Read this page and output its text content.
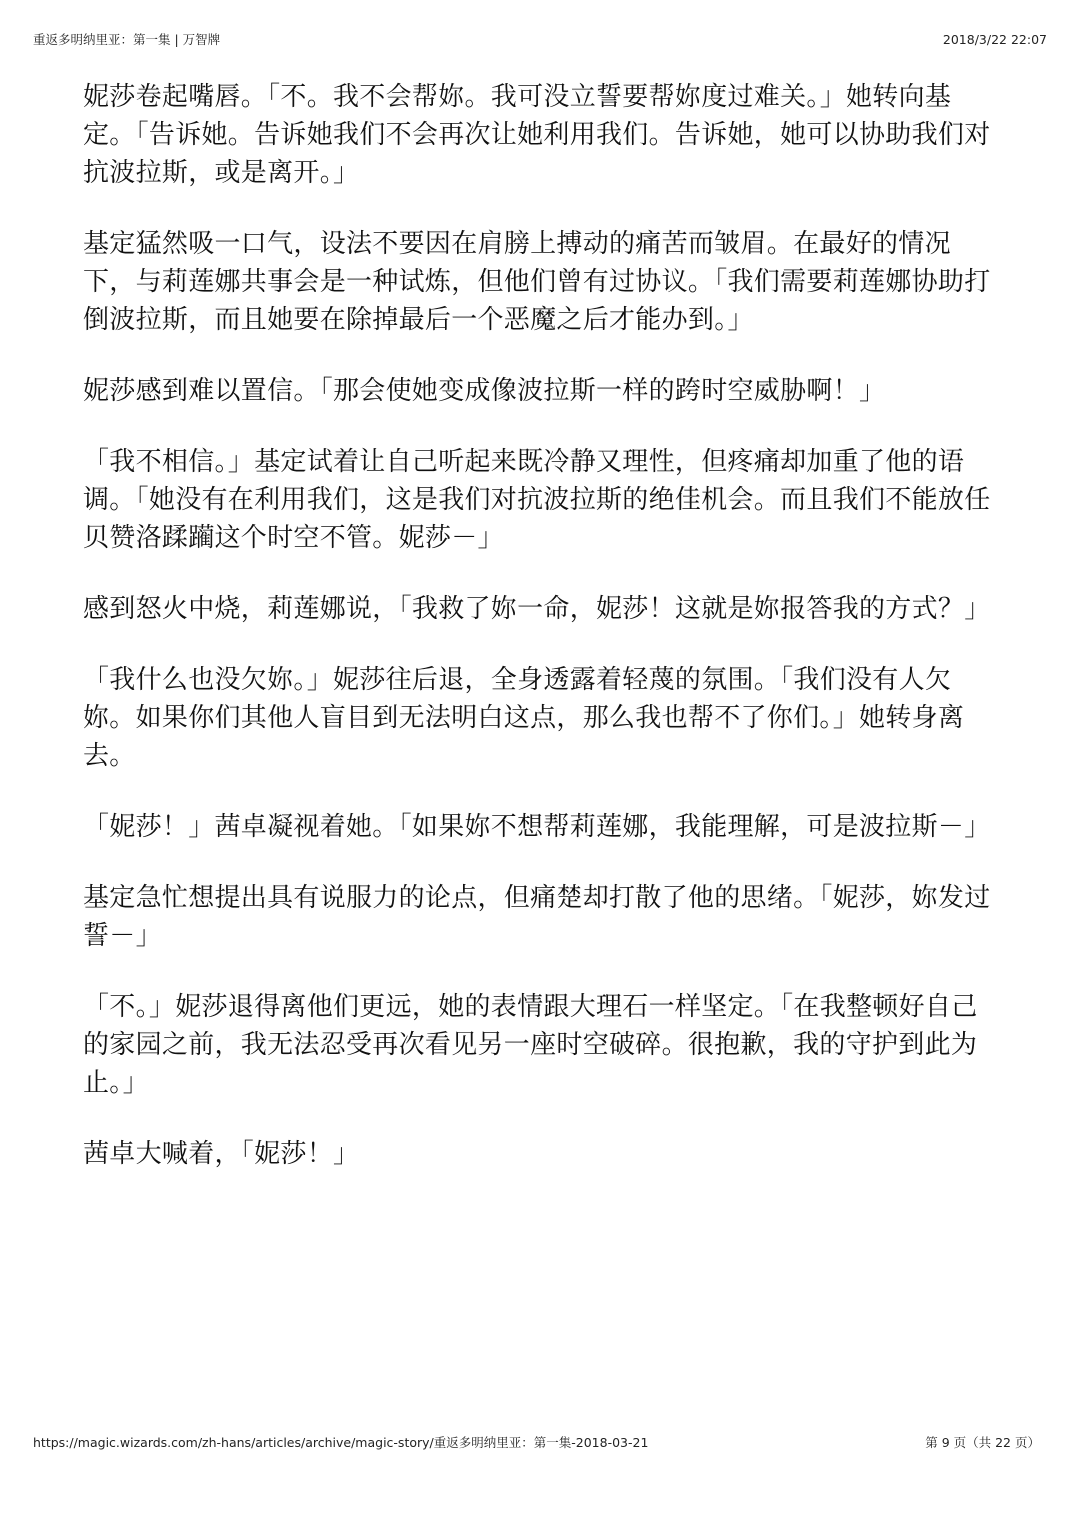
重返多明纳里亚：第一集 | 万智牌	2018/3/22 22:07

妮莎卷起嘴唇。「不。我不会帮妳。我可没立誓要帮妳度过难关。」她转向基定。「告诉她。告诉她我们不会再次让她利用我们。告诉她，她可以协助我们对抗波拉斯，或是离开。」

基定猛然吸一口气，设法不要因在肩膀上搏动的痛苦而皱眉。在最好的情况下，与莉莲娜共事会是一种试炼，但他们曾有过协议。「我们需要莉莲娜协助打倒波拉斯，而且她要在除掉最后一个恶魔之后才能办到。」

妮莎感到难以置信。「那会使她变成像波拉斯一样的跨时空威胁啊！」

「我不相信。」基定试着让自己听起来既冷静又理性，但疼痛却加重了他的语调。「她没有在利用我们，这是我们对抗波拉斯的绝佳机会。而且我们不能放任贝赞洛蹂躏这个时空不管。妮莎－」

感到怒火中烧，莉莲娜说，「我救了妳一命，妮莎！这就是妳报答我的方式？」

「我什么也没欠妳。」妮莎往后退，全身透露着轻蔑的氛围。「我们没有人欠妳。如果你们其他人盲目到无法明白这点，那么我也帮不了你们。」她转身离去。

「妮莎！」茜卓凝视着她。「如果妳不想帮莉莲娜，我能理解，可是波拉斯－」

基定急忙想提出具有说服力的论点，但痛楚却打散了他的思绪。「妮莎，妳发过誓－」

「不。」妮莎退得离他们更远，她的表情跟大理石一样坚定。「在我整顿好自己的家园之前，我无法忍受再次看见另一座时空破碎。很抱歉，我的守护到此为止。」

茜卓大喊着，「妮莎！」

https://magic.wizards.com/zh-hans/articles/archive/magic-story/重返多明纳里亚：第一集-2018-03-21	第 9 页（共 22 页）
